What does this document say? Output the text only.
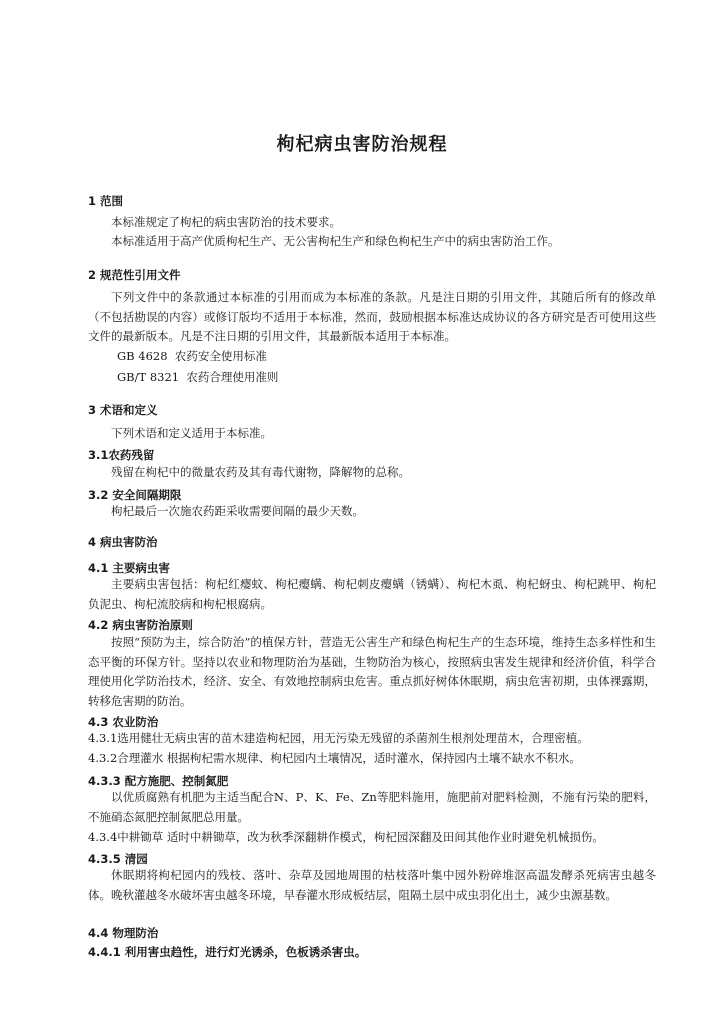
枸杞病虫害防治规程
1 范围
本标准规定了枸杞的病虫害防治的技术要求。
本标准适用于高产优质枸杞生产、无公害枸杞生产和绿色枸杞生产中的病虫害防治工作。
2 规范性引用文件
下列文件中的条款通过本标准的引用而成为本标准的条款。凡是注日期的引用文件，其随后所有的修改单（不包括勘误的内容）或修订版均不适用于本标准，然而，鼓励根据本标准达成协议的各方研究是否可使用这些文件的最新版本。凡是不注日期的引用文件，其最新版本适用于本标准。
GB 4628  农药安全使用标准
GB/T 8321  农药合理使用准则
3 术语和定义
下列术语和定义适用于本标准。
3.1农药残留
残留在枸杞中的微量农药及其有毒代谢物，降解物的总称。
3.2 安全间隔期限
枸杞最后一次施农药距采收需要间隔的最少天数。
4 病虫害防治
4.1 主要病虫害
主要病虫害包括：枸杞红瘿蚊、枸杞瘿螨、枸杞刺皮瘿螨（锈螨）、枸杞木虱、枸杞蚜虫、枸杞跳甲、枸杞负泥虫、枸杞流胶病和枸杞根腐病。
4.2 病虫害防治原则
按照“预防为主，综合防治”的植保方针，营造无公害生产和绿色枸杞生产的生态环境，维持生态多样性和生态平衡的环保方针。坚持以农业和物理防治为基础，生物防治为核心，按照病虫害发生规律和经济价值，科学合理使用化学防治技术，经济、安全、有效地控制病虫危害。重点抓好树体休眠期，病虫危害初期，虫体裸露期，转移危害期的防治。
4.3 农业防治
4.3.1选用健壮无病虫害的苗木建造枸杞园，用无污染无残留的杀菌剂生根剂处理苗木，合理密植。
4.3.2合理灌水 根据枸杞需水规律、枸杞园内土壤情况，适时灌水，保持园内土壤不缺水不积水。
4.3.3 配方施肥、控制氮肥
以优质腐熟有机肥为主适当配合N、P、K、Fe、Zn等肥料施用，施肥前对肥料检测，不施有污染的肥料，不施硝态氮肥控制氮肥总用量。
4.3.4中耕锄草 适时中耕锄草，改为秋季深翻耕作模式，枸杞园深翻及田间其他作业时避免机械损伤。
4.3.5 清园
休眠期将枸杞园内的残枝、落叶、杂草及园地周围的枯枝落叶集中园外粉碎堆沤高温发酵杀死病害虫越冬体。晚秋灌越冬水破坏害虫越冬环境，早春灌水形成板结层，阻隔土层中成虫羽化出土，减少虫源基数。
4.4 物理防治
4.4.1 利用害虫趋性，进行灯光诱杀，色板诱杀害虫。
